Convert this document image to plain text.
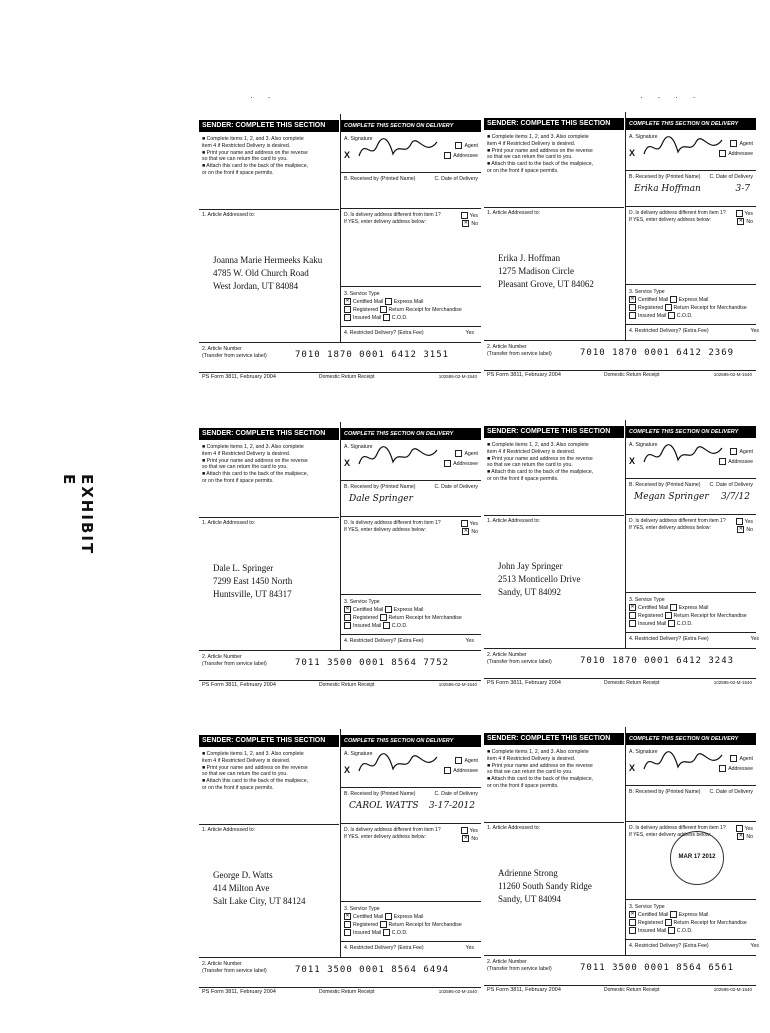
EXHIBIT E
· ·	· · · ·
SENDER: COMPLETE THIS SECTION
■ Complete items 1, 2, and 3. Also complete
item 4 if Restricted Delivery is desired.
■ Print your name and address on the reverse
so that we can return the card to you.
■ Attach this card to the back of the mailpiece,
or on the front if space permits.
1. Article Addressed to:
Joanna Marie Hermeeks Kaku
4785 W. Old Church Road
West Jordan, UT 84084
COMPLETE THIS SECTION ON DELIVERY
A. Signature
X
Agent
Addressee
B. Received by (Printed Name)	C. Date of Delivery
D. Is delivery address different from item 1?
If YES, enter delivery address below:
Yes
✕ No
3. Service Type
✕ Certified Mail Express Mail
Registered Return Receipt for Merchandise
Insured Mail C.O.D.
4. Restricted Delivery? (Extra Fee)	Yes
2. Article Number
(Transfer from service label)	7010 1870 0001 6412 3151
PS Form 3811, February 2004	Domestic Return Receipt	102595-02-M-1540
SENDER: COMPLETE THIS SECTION
■ Complete items 1, 2, and 3. Also complete
item 4 if Restricted Delivery is desired.
■ Print your name and address on the reverse
so that we can return the card to you.
■ Attach this card to the back of the mailpiece,
or on the front if space permits.
1. Article Addressed to:
Erika J. Hoffman
1275 Madison Circle
Pleasant Grove, UT 84062
COMPLETE THIS SECTION ON DELIVERY
A. Signature
X
Agent
Addressee
B. Received by (Printed Name) C. Date of Delivery
Erika Hoffman	3-7
D. Is delivery address different from item 1?
If YES, enter delivery address below:
Yes
✕ No
3. Service Type
✕ Certified Mail Express Mail
Registered Return Receipt for Merchandise
Insured Mail C.O.D.
4. Restricted Delivery? (Extra Fee)	Yes
2. Article Number
(Transfer from service label)	7010 1870 0001 6412 2369
PS Form 3811, February 2004	Domestic Return Receipt	102595-02-M-1540
SENDER: COMPLETE THIS SECTION
■ Complete items 1, 2, and 3. Also complete
item 4 if Restricted Delivery is desired.
■ Print your name and address on the reverse
so that we can return the card to you.
■ Attach this card to the back of the mailpiece,
or on the front if space permits.
1. Article Addressed to:
Dale L. Springer
7299 East 1450 North
Huntsville, UT 84317
COMPLETE THIS SECTION ON DELIVERY
A. Signature
X
Agent
Addressee
B. Received by (Printed Name)	C. Date of Delivery
Dale Springer
D. Is delivery address different from item 1?
If YES, enter delivery address below:
Yes
✕ No
3. Service Type
✕ Certified Mail Express Mail
Registered Return Receipt for Merchandise
Insured Mail C.O.D.
4. Restricted Delivery? (Extra Fee)	Yes
2. Article Number
(Transfer from service label)	7011 3500 0001 8564 7752
PS Form 3811, February 2004	Domestic Return Receipt	102595-02-M-1540
SENDER: COMPLETE THIS SECTION
■ Complete items 1, 2, and 3. Also complete
item 4 if Restricted Delivery is desired.
■ Print your name and address on the reverse
so that we can return the card to you.
■ Attach this card to the back of the mailpiece,
or on the front if space permits.
1. Article Addressed to:
John Jay Springer
2513 Monticello Drive
Sandy, UT 84092
COMPLETE THIS SECTION ON DELIVERY
A. Signature
X
Agent
Addressee
B. Received by (Printed Name) C. Date of Delivery
Megan Springer 3/7/12
D. Is delivery address different from item 1?
If YES, enter delivery address below:
Yes
✕ No
3. Service Type
✕ Certified Mail Express Mail
Registered Return Receipt for Merchandise
Insured Mail C.O.D.
4. Restricted Delivery? (Extra Fee)	Yes
2. Article Number
(Transfer from service label)	7010 1870 0001 6412 3243
PS Form 3811, February 2004	Domestic Return Receipt	102595-02-M-1540
SENDER: COMPLETE THIS SECTION
■ Complete items 1, 2, and 3. Also complete
item 4 if Restricted Delivery is desired.
■ Print your name and address on the reverse
so that we can return the card to you.
■ Attach this card to the back of the mailpiece,
or on the front if space permits.
1. Article Addressed to:
George D. Watts
414 Milton Ave
Salt Lake City, UT 84124
COMPLETE THIS SECTION ON DELIVERY
A. Signature
X
Agent
Addressee
B. Received by (Printed Name)	C. Date of Delivery
CAROL WATTS 3-17-2012
D. Is delivery address different from item 1?
If YES, enter delivery address below:
Yes
✕ No
3. Service Type
✕ Certified Mail Express Mail
Registered Return Receipt for Merchandise
Insured Mail C.O.D.
4. Restricted Delivery? (Extra Fee)	Yes
2. Article Number
(Transfer from service label)	7011 3500 0001 8564 6494
PS Form 3811, February 2004	Domestic Return Receipt	102595-02-M-1540
SENDER: COMPLETE THIS SECTION
■ Complete items 1, 2, and 3. Also complete
item 4 if Restricted Delivery is desired.
■ Print your name and address on the reverse
so that we can return the card to you.
■ Attach this card to the back of the mailpiece,
or on the front if space permits.
1. Article Addressed to:
Adrienne Strong
11260 South Sandy Ridge
Sandy, UT 84094
COMPLETE THIS SECTION ON DELIVERY
A. Signature
X
Agent
Addressee
B. Received by (Printed Name) C. Date of Delivery
D. Is delivery address different from item 1?
If YES, enter delivery address below:
Yes
✕ No
3. Service Type
✕ Certified Mail Express Mail
Registered Return Receipt for Merchandise
Insured Mail C.O.D.
4. Restricted Delivery? (Extra Fee)	Yes
MAR 17 2012
2. Article Number
(Transfer from service label)	7011 3500 0001 8564 6561
PS Form 3811, February 2004	Domestic Return Receipt	102595-02-M-1540
